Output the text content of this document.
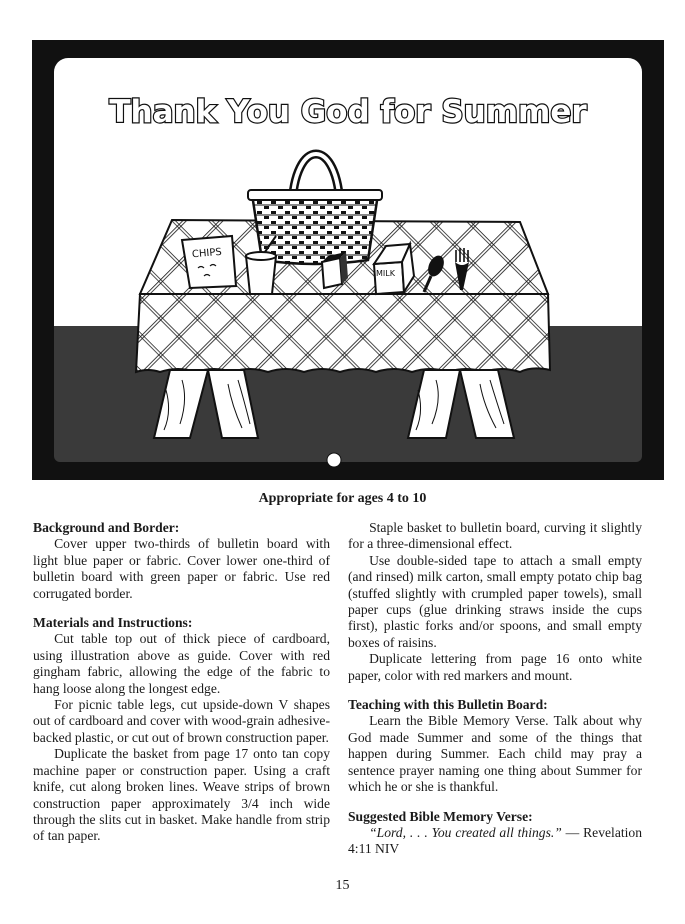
Thank You God for Summer
CHIPS
MILK
Appropriate for ages 4 to 10
Background and Border:

Cover upper two-thirds of bulletin board with light blue paper or fabric. Cover lower one-third of bulletin board with green paper or fabric. Use red corrugated border.

Materials and Instructions:

Cut table top out of thick piece of cardboard, using illustration above as guide. Cover with red gingham fabric, allowing the edge of the fabric to hang loose along the longest edge.

For picnic table legs, cut upside-down V shapes out of cardboard and cover with wood-grain adhesive-backed plastic, or cut out of brown construction paper.

Duplicate the basket from page 17 onto tan copy machine paper or construction paper. Using a craft knife, cut along broken lines. Weave strips of brown construction paper approximately 3/4 inch wide through the slits cut in basket. Make handle from strip of tan paper.

Staple basket to bulletin board, curving it slightly for a three-dimensional effect.

Use double-sided tape to attach a small empty (and rinsed) milk carton, small empty potato chip bag (stuffed slightly with crumpled paper towels), small paper cups (glue drinking straws inside the cups first), plastic forks and/or spoons, and small empty boxes of raisins.

Duplicate lettering from page 16 onto white paper, color with red markers and mount.

Teaching with this Bulletin Board:

Learn the Bible Memory Verse. Talk about why God made Summer and some of the things that happen during Summer. Each child may pray a sentence prayer naming one thing about Summer for which he or she is thankful.

Suggested Bible Memory Verse:

“Lord, . . . You created all things.” — Revelation 4:11 NIV

15
